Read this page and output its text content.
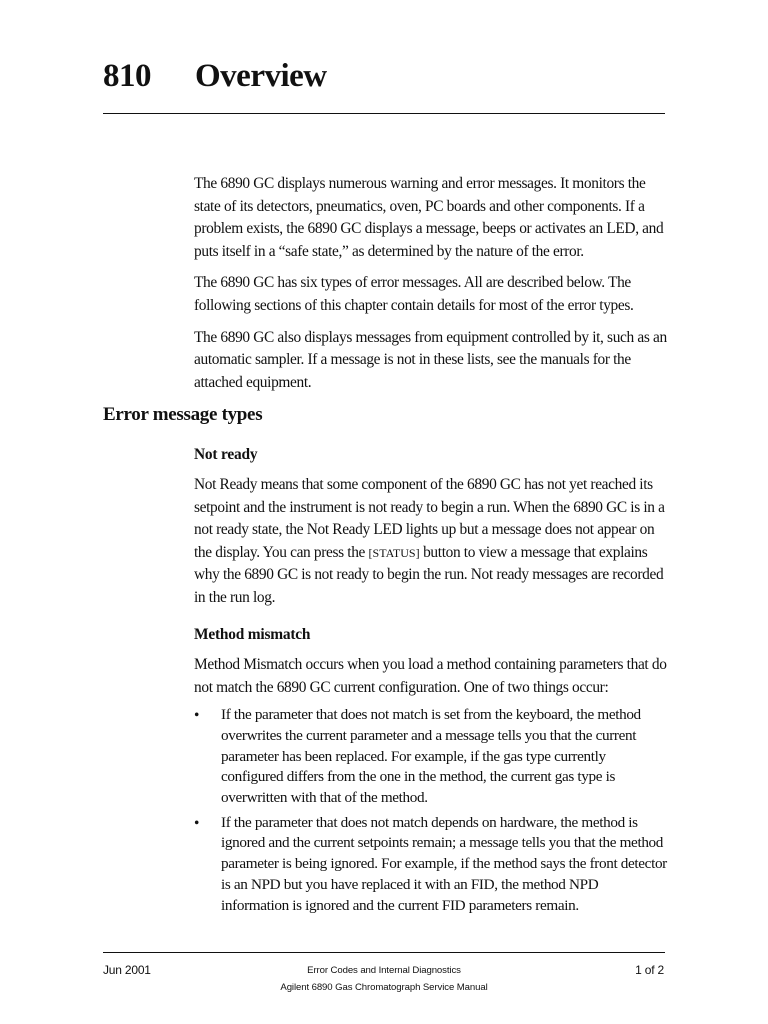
810	Overview

The 6890 GC displays numerous warning and error messages. It monitors the state of its detectors, pneumatics, oven, PC boards and other components. If a problem exists, the 6890 GC displays a message, beeps or activates an LED, and puts itself in a “safe state,” as determined by the nature of the error.

The 6890 GC has six types of error messages. All are described below. The following sections of this chapter contain details for most of the error types.

The 6890 GC also displays messages from equipment controlled by it, such as an automatic sampler. If a message is not in these lists, see the manuals for the attached equipment.

Error message types

Not ready

Not Ready means that some component of the 6890 GC has not yet reached its setpoint and the instrument is not ready to begin a run. When the 6890 GC is in a not ready state, the Not Ready LED lights up but a message does not appear on the display. You can press the [STATUS] button to view a message that explains why the 6890 GC is not ready to begin the run. Not ready messages are recorded in the run log.

Method mismatch

Method Mismatch occurs when you load a method containing parameters that do not match the 6890 GC current configuration. One of two things occur:

• If the parameter that does not match is set from the keyboard, the method overwrites the current parameter and a message tells you that the current parameter has been replaced. For example, if the gas type currently configured differs from the one in the method, the current gas type is overwritten with that of the method.

• If the parameter that does not match depends on hardware, the method is ignored and the current setpoints remain; a message tells you that the method parameter is being ignored. For example, if the method says the front detector is an NPD but you have replaced it with an FID, the method NPD information is ignored and the current FID parameters remain.

Jun 2001	Error Codes and Internal Diagnostics
Agilent 6890 Gas Chromatograph Service Manual
1 of 2
